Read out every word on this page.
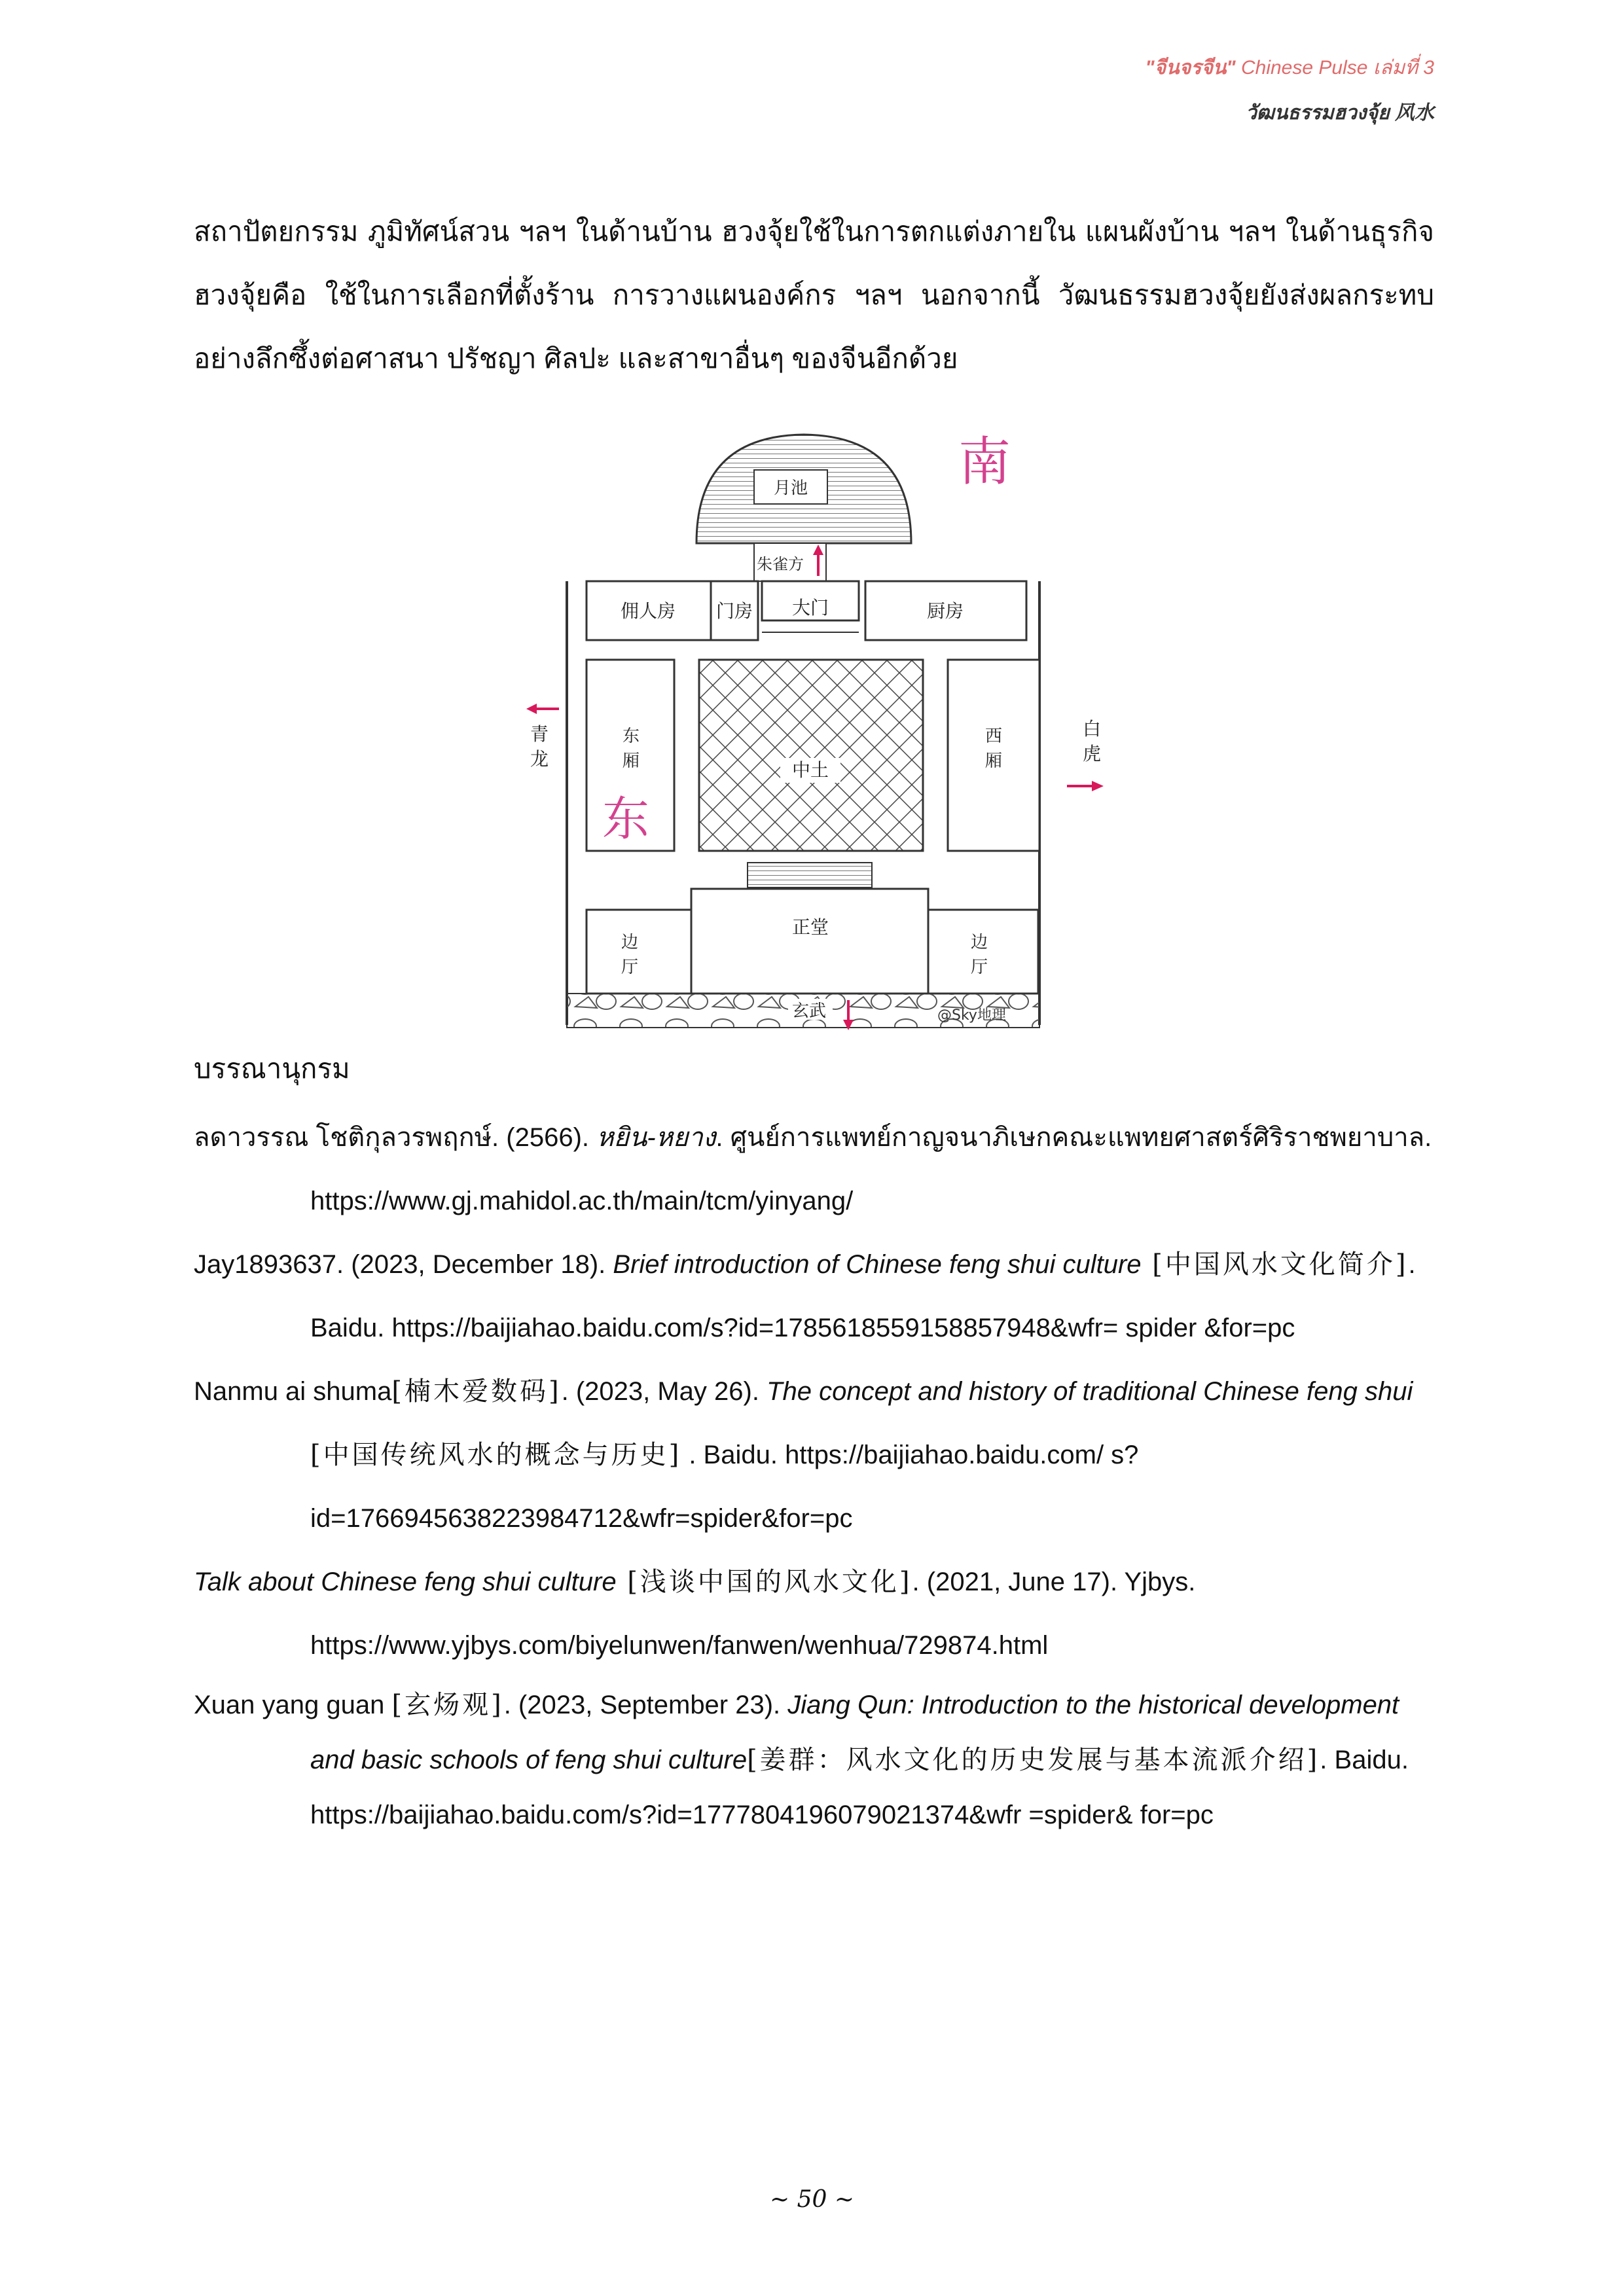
"จีนจรจีน" Chinese Pulse เล่มที่ 3
วัฒนธรรมฮวงจุ้ย 风水
สถาปัตยกรรม ภูมิทัศน์สวน ฯลฯ ในด้านบ้าน ฮวงจุ้ยใช้ในการตกแต่งภายใน แผนผังบ้าน ฯลฯ ในด้านธุรกิจ ฮวงจุ้ยคือ ใช้ในการเลือกที่ตั้งร้าน การวางแผนองค์กร ฯลฯ นอกจากนี้ วัฒนธรรมฮวงจุ้ยยังส่งผลกระทบอย่างลึกซึ้งต่อศาสนา ปรัชญา ศิลปะ และสาขาอื่นๆ ของจีนอีกด้วย
月池	南
朱雀方
佣人房 门房 大门	厨房
东厢
东
西厢
中土
边厅
正堂
边厅
玄武	@Sky地理
青龙
白虎
บรรณานุกรม
ลดาวรรณ โชติกุลวรพฤกษ์. (2566). หยิน-หยาง. ศูนย์การแพทย์กาญจนาภิเษกคณะแพทยศาสตร์ศิริราชพยาบาล. https://www.gj.mahidol.ac.th/main/tcm/yinyang/
Jay1893637. (2023, December 18). Brief introduction of Chinese feng shui culture [中国风水文化简介]. Baidu. https://baijiahao.baidu.com/s?id=1785618559158857948&wfr= spider &for=pc
Nanmu ai shuma[楠木爱数码]. (2023, May 26). The concept and history of traditional Chinese feng shui [中国传统风水的概念与历史] . Baidu. https://baijiahao.baidu.com/ s?id=1766945638223984712&wfr=spider&for=pc
Talk about Chinese feng shui culture [浅谈中国的风水文化]. (2021, June 17). Yjbys. https://www.yjbys.com/biyelunwen/fanwen/wenhua/729874.html
Xuan yang guan [玄炀观]. (2023, September 23). Jiang Qun: Introduction to the historical development and basic schools of feng shui culture[姜群：风水文化的历史发展与基本流派介绍]. Baidu. https://baijiahao.baidu.com/s?id=1777804196079021374&wfr =spider& for=pc
~ 50 ~
